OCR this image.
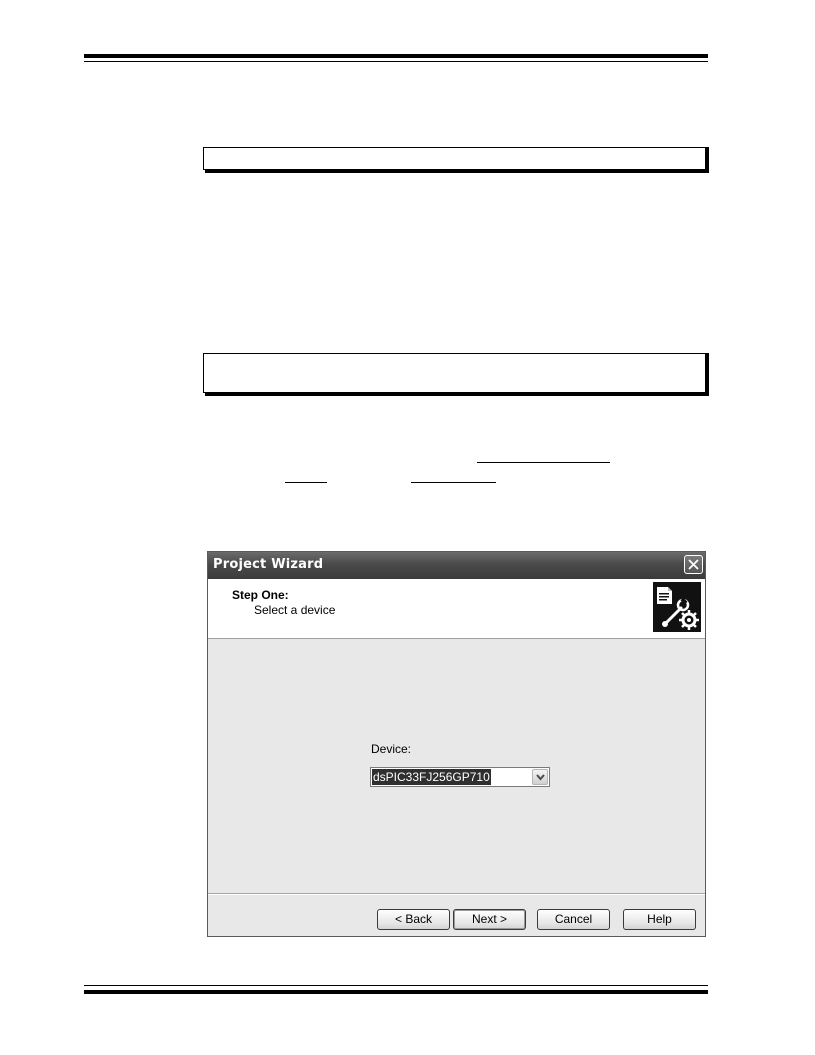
Project Wizard
Step One:
Select a device
Device:
dsPIC33FJ256GP710
< Back	Next >	Cancel	Help
